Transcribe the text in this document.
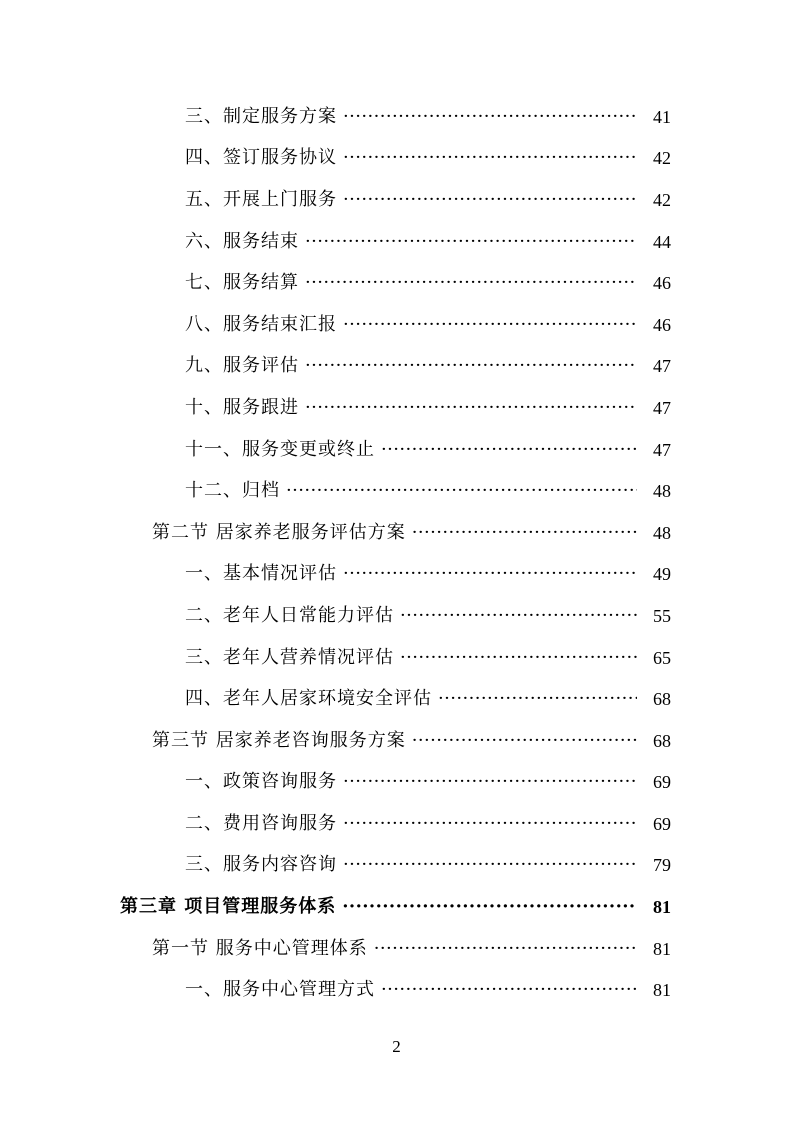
三、制定服务方案 ·····	41
四、签订服务协议 ·····	42
五、开展上门服务 ·····	42
六、服务结束 ·····	44
七、服务结算 ·····	46
八、服务结束汇报 ·····	46
九、服务评估 ·····	47
十、服务跟进 ·····	47
十一、服务变更或终止 ·····	47
十二、归档 ·····	48
第二节 居家养老服务评估方案 ·····	48
一、基本情况评估 ·····	49
二、老年人日常能力评估 ·····	55
三、老年人营养情况评估 ·····	65
四、老年人居家环境安全评估 ·····	68
第三节 居家养老咨询服务方案 ·····	68
一、政策咨询服务 ·····	69
二、费用咨询服务 ·····	69
三、服务内容咨询 ·····	79
第三章 项目管理服务体系 ·····	81
第一节 服务中心管理体系 ·····	81
一、服务中心管理方式 ·····	81
2
